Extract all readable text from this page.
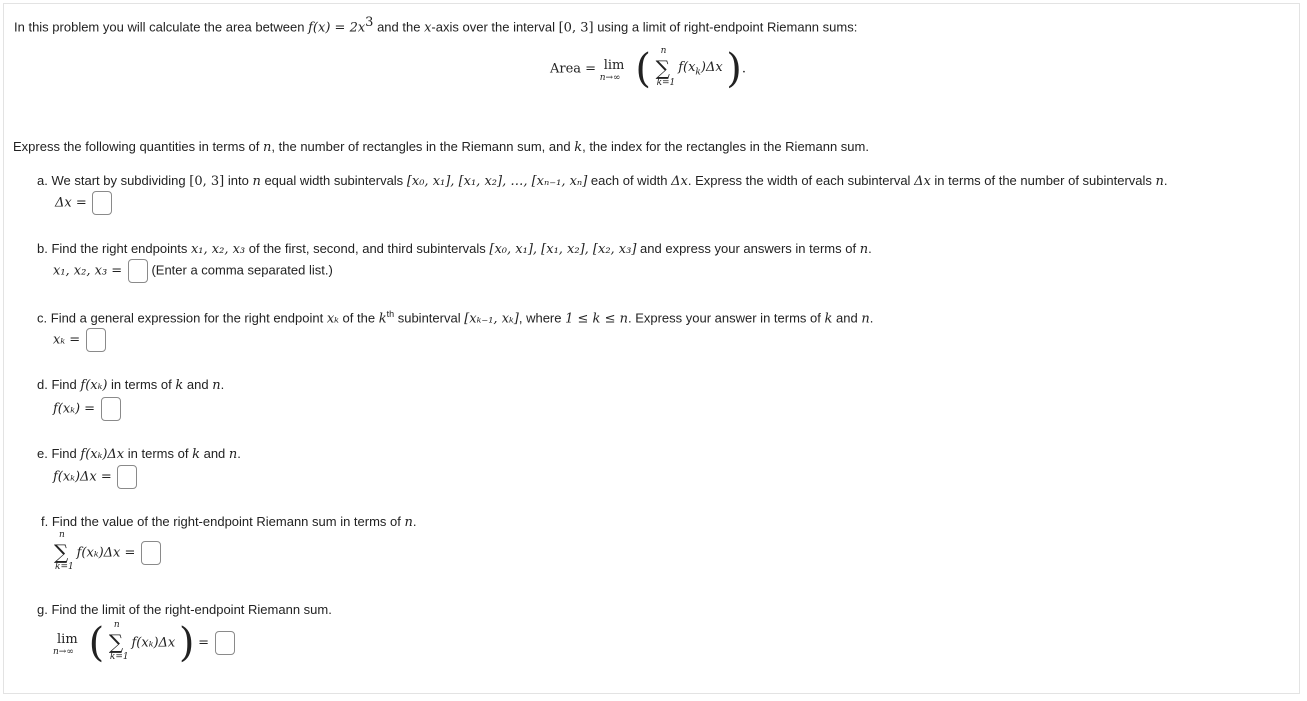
In this problem you will calculate the area between $f(x) = 2x^3$ and the x-axis over the interval [0, 3] using a limit of right-endpoint Riemann sums:
Area = lim
n→∞ ( n
∑
k=1
$f(x_k)\Delta x$ ).
Express the following quantities in terms of n, the number of rectangles in the Riemann sum, and k, the index for the rectangles in the Riemann sum.
a. We start by subdividing [0, 3] into n equal width subintervals [x₀, x₁], [x₁, x₂], …, [xₙ₋₁, xₙ] each of width Δx. Express the width of each subinterval Δx in terms of the number of subintervals n.
Δx =
b. Find the right endpoints x₁, x₂, x₃ of the first, second, and third subintervals [x₀, x₁], [x₁, x₂], [x₂, x₃] and express your answers in terms of n.
x₁, x₂, x₃ = (Enter a comma separated list.)
c. Find a general expression for the right endpoint xₖ of the $k^{th}$ subinterval [xₖ₋₁, xₖ], where 1 ≤ k ≤ n. Express your answer in terms of k and n.
xₖ =
d. Find f(xₖ) in terms of k and n.
f(xₖ) =
e. Find f(xₖ)Δx in terms of k and n.
f(xₖ)Δx =
f. Find the value of the right-endpoint Riemann sum in terms of n.
n
∑
k=1
f(xₖ)Δx =
g. Find the limit of the right-endpoint Riemann sum.
lim
n→∞ ( n
∑
k=1
f(xₖ)Δx ) =
